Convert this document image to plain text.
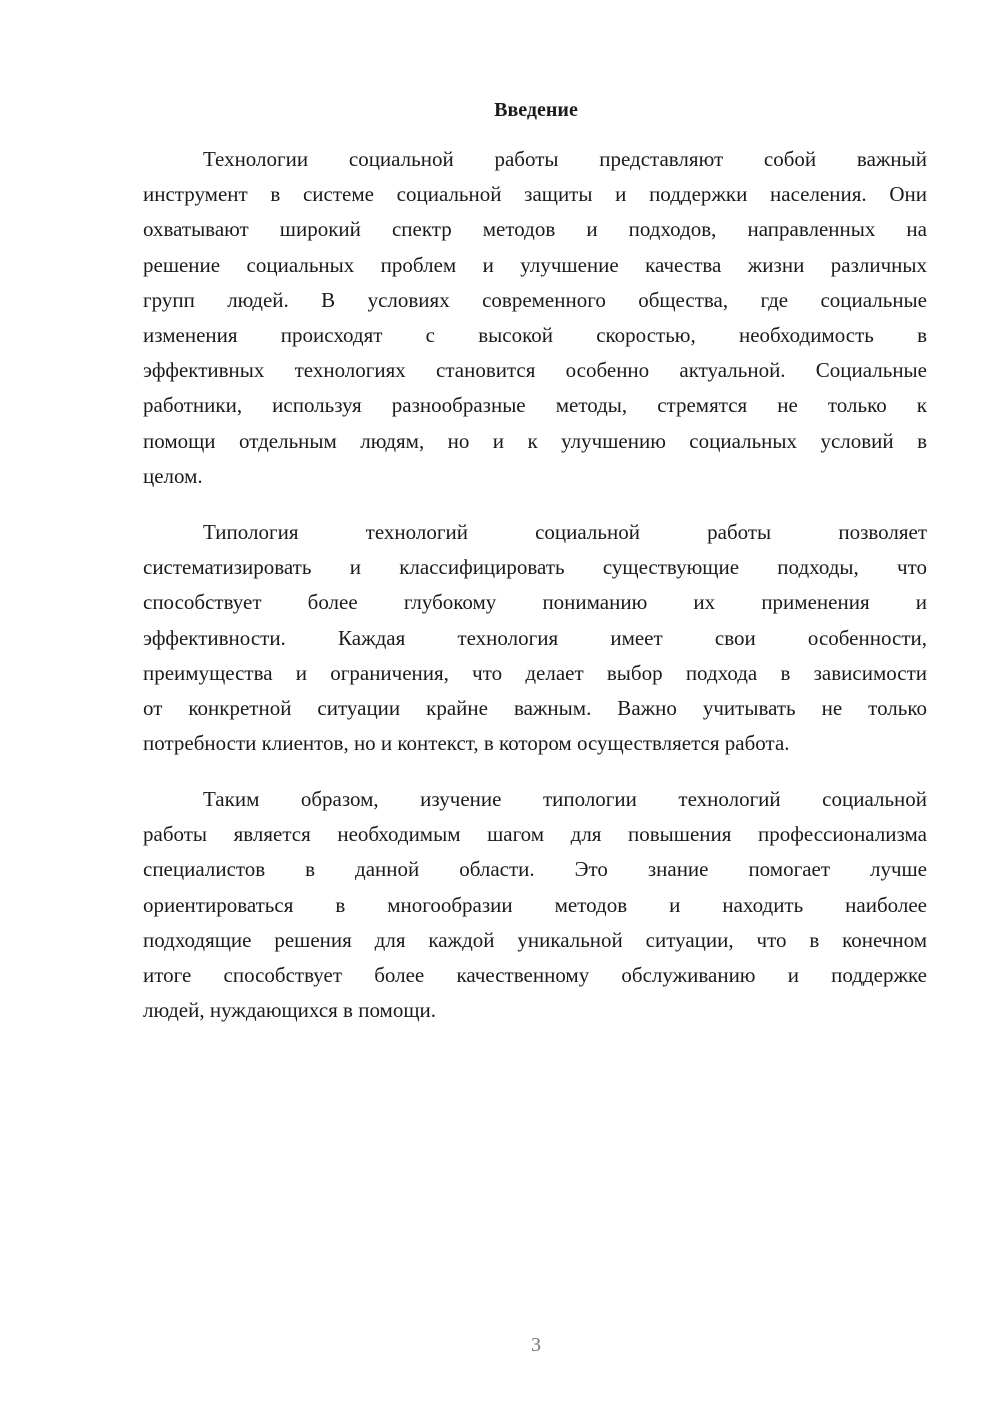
Введение
Технологии социальной работы представляют собой важный
инструмент в системе социальной защиты и поддержки населения. Они
охватывают широкий спектр методов и подходов, направленных на
решение социальных проблем и улучшение качества жизни различных
групп людей. В условиях современного общества, где социальные
изменения происходят с высокой скоростью, необходимость в
эффективных технологиях становится особенно актуальной. Социальные
работники, используя разнообразные методы, стремятся не только к
помощи отдельным людям, но и к улучшению социальных условий в
целом.
Типология технологий социальной работы позволяет
систематизировать и классифицировать существующие подходы, что
способствует более глубокому пониманию их применения и
эффективности. Каждая технология имеет свои особенности,
преимущества и ограничения, что делает выбор подхода в зависимости
от конкретной ситуации крайне важным. Важно учитывать не только
потребности клиентов, но и контекст, в котором осуществляется работа.
Таким образом, изучение типологии технологий социальной
работы является необходимым шагом для повышения профессионализма
специалистов в данной области. Это знание помогает лучше
ориентироваться в многообразии методов и находить наиболее
подходящие решения для каждой уникальной ситуации, что в конечном
итоге способствует более качественному обслуживанию и поддержке
людей, нуждающихся в помощи.
3
